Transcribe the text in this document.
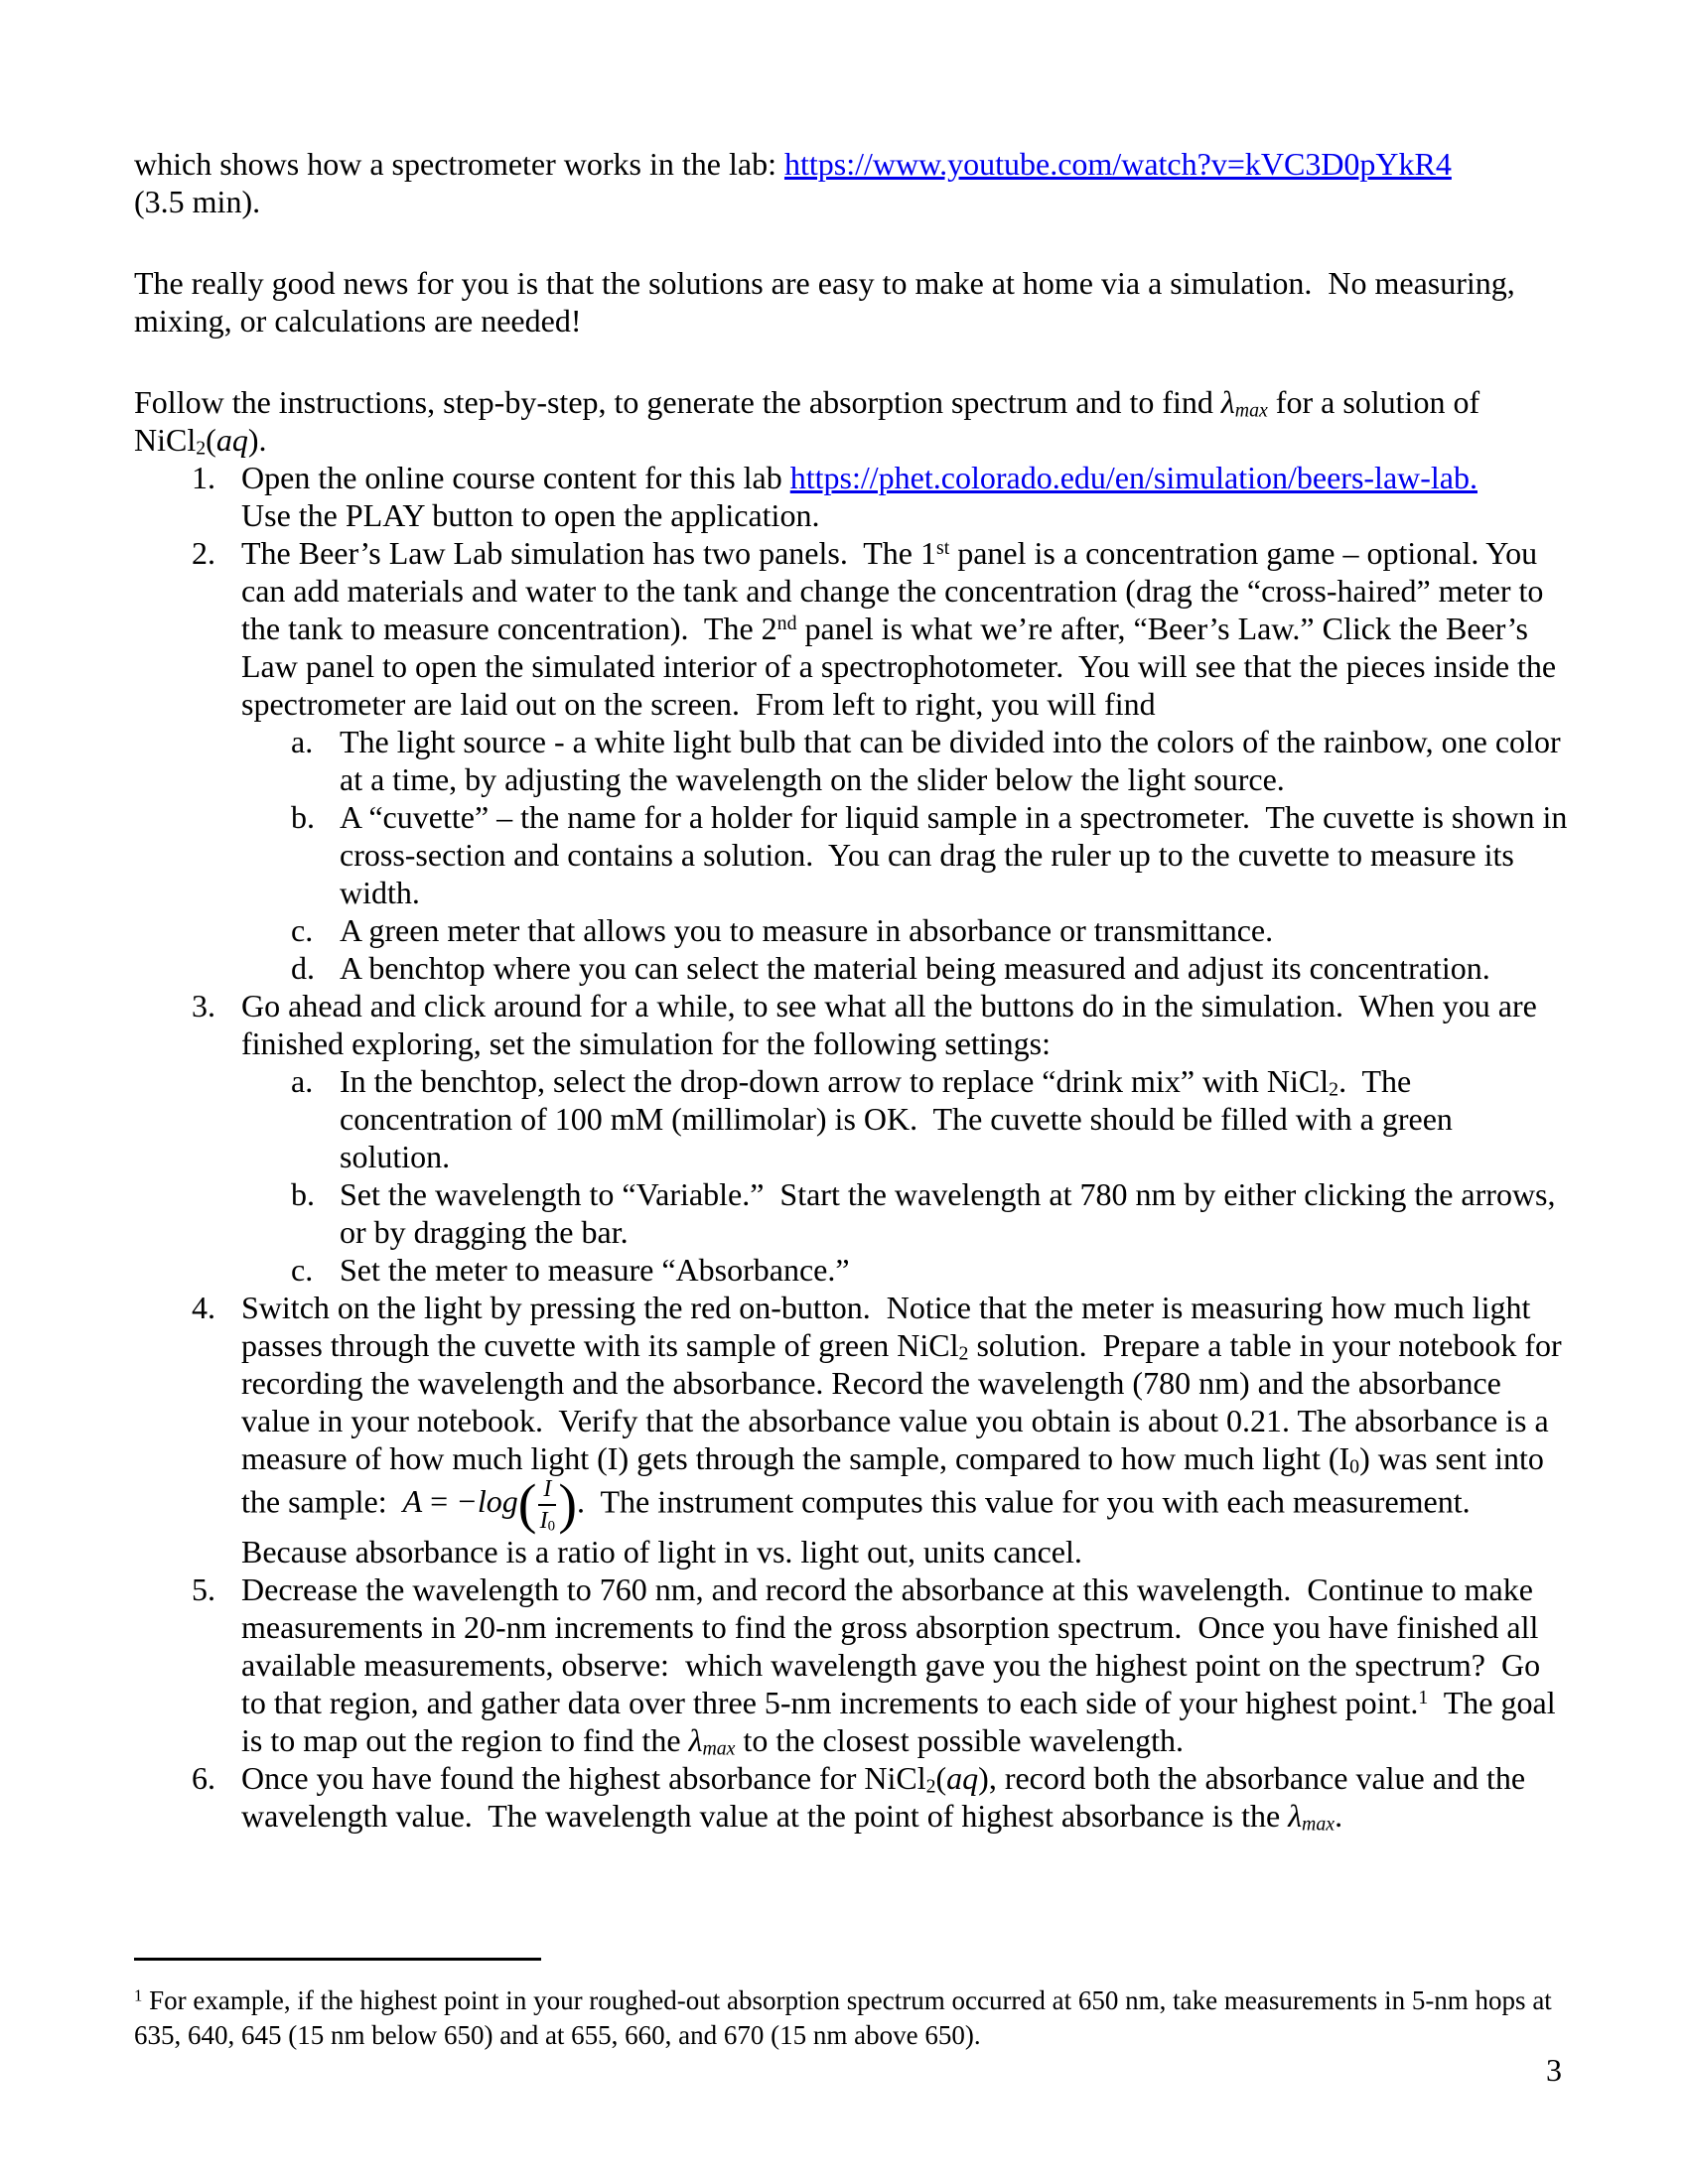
which shows how a spectrometer works in the lab: https://www.youtube.com/watch?v=kVC3D0pYkR4
(3.5 min).

The really good news for you is that the solutions are easy to make at home via a simulation.  No measuring, mixing, or calculations are needed!

Follow the instructions, step-by-step, to generate the absorption spectrum and to find $\lambda_{max}$ for a solution of NiCl$_2$(aq).

1. Open the online course content for this lab https://phet.colorado.edu/en/simulation/beers-law-lab.
Use the PLAY button to open the application.
2. The Beer’s Law Lab simulation has two panels.  The 1st panel is a concentration game – optional. You can add materials and water to the tank and change the concentration (drag the “cross-haired” meter to the tank to measure concentration).  The 2nd panel is what we’re after, “Beer’s Law.” Click the Beer’s Law panel to open the simulated interior of a spectrophotometer.  You will see that the pieces inside the spectrometer are laid out on the screen.  From left to right, you will find
a. The light source - a white light bulb that can be divided into the colors of the rainbow, one color at a time, by adjusting the wavelength on the slider below the light source.
b. A “cuvette” – the name for a holder for liquid sample in a spectrometer.  The cuvette is shown in cross-section and contains a solution.  You can drag the ruler up to the cuvette to measure its width.
c. A green meter that allows you to measure in absorbance or transmittance.
d. A benchtop where you can select the material being measured and adjust its concentration.
3. Go ahead and click around for a while, to see what all the buttons do in the simulation.  When you are finished exploring, set the simulation for the following settings:
a. In the benchtop, select the drop-down arrow to replace “drink mix” with NiCl$_2$.  The concentration of 100 mM (millimolar) is OK.  The cuvette should be filled with a green solution.
b. Set the wavelength to “Variable.”  Start the wavelength at 780 nm by either clicking the arrows, or by dragging the bar.
c. Set the meter to measure “Absorbance.”
4. Switch on the light by pressing the red on-button.  Notice that the meter is measuring how much light passes through the cuvette with its sample of green NiCl$_2$ solution.  Prepare a table in your notebook for recording the wavelength and the absorbance. Record the wavelength (780 nm) and the absorbance value in your notebook.  Verify that the absorbance value you obtain is about 0.21. The absorbance is a measure of how much light (I) gets through the sample, compared to how much light $(I_0)$ was sent into the sample:  $A = -\log( \frac{I}{I_0}$ ).  The instrument computes this value for you with each measurement.  Because absorbance is a ratio of light in vs. light out, units cancel.
5. Decrease the wavelength to 760 nm, and record the absorbance at this wavelength.  Continue to make measurements in 20-nm increments to find the gross absorption spectrum.  Once you have finished all available measurements, observe:  which wavelength gave you the highest point on the spectrum?  Go to that region, and gather data over three 5-nm increments to each side of your highest point.$^1$  The goal is to map out the region to find the $\lambda_{max}$ to the closest possible wavelength.
6. Once you have found the highest absorbance for NiCl$_2$(aq), record both the absorbance value and the wavelength value.  The wavelength value at the point of highest absorbance is the $\lambda_{max}$.
$^1$ For example, if the highest point in your roughed-out absorption spectrum occurred at 650 nm, take measurements in 5-nm hops at 635, 640, 645 (15 nm below 650) and at 655, 660, and 670 (15 nm above 650).
3
